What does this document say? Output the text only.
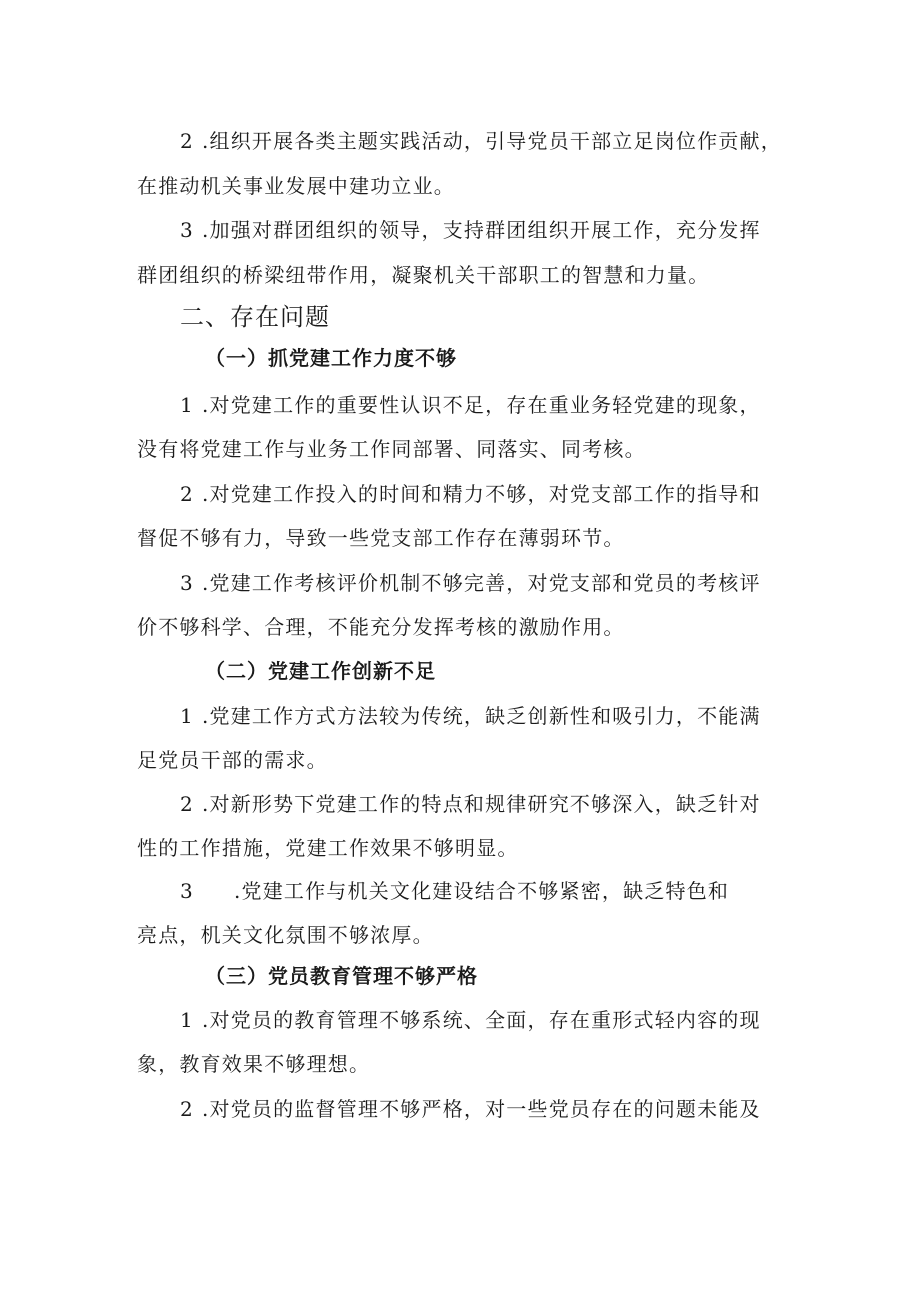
2 .组织开展各类主题实践活动，引导党员干部立足岗位作贡献，
在推动机关事业发展中建功立业。
3 .加强对群团组织的领导，支持群团组织开展工作，充分发挥
群团组织的桥梁纽带作用，凝聚机关干部职工的智慧和力量。
二、存在问题
（一）抓党建工作力度不够
1 .对党建工作的重要性认识不足，存在重业务轻党建的现象，
没有将党建工作与业务工作同部署、同落实、同考核。
2 .对党建工作投入的时间和精力不够，对党支部工作的指导和
督促不够有力，导致一些党支部工作存在薄弱环节。
3 .党建工作考核评价机制不够完善，对党支部和党员的考核评
价不够科学、合理，不能充分发挥考核的激励作用。
（二）党建工作创新不足
1 .党建工作方式方法较为传统，缺乏创新性和吸引力，不能满
足党员干部的需求。
2 .对新形势下党建工作的特点和规律研究不够深入，缺乏针对
性的工作措施，党建工作效果不够明显。
3 .党建工作与机关文化建设结合不够紧密，缺乏特色和
亮点，机关文化氛围不够浓厚。
（三）党员教育管理不够严格
1 .对党员的教育管理不够系统、全面，存在重形式轻内容的现
象，教育效果不够理想。
2 .对党员的监督管理不够严格，对一些党员存在的问题未能及
